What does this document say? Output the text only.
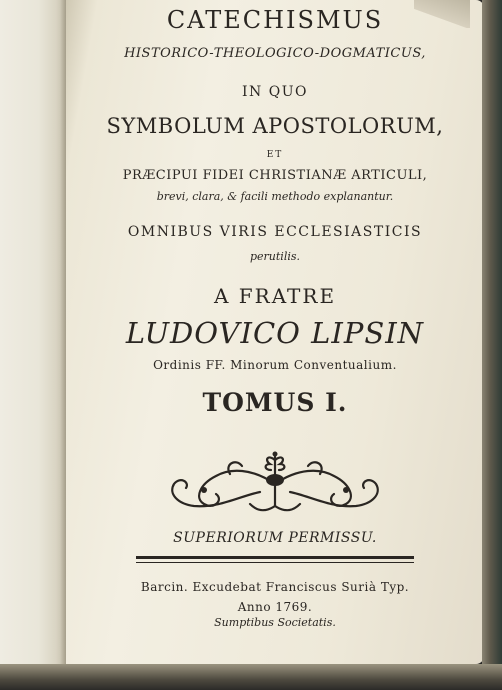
CATECHISMUS
HISTORICO-THEOLOGICO-DOGMATICUS,
IN QUO
SYMBOLUM APOSTOLORUM,
ET
PRÆCIPUI FIDEI CHRISTIANÆ ARTICULI,
brevi, clara, & facili methodo explanantur.
OMNIBUS VIRIS ECCLESIASTICIS
perutilis.
A FRATRE
LUDOVICO LIPSIN
Ordinis FF. Minorum Conventualium.
TOMUS I.
SUPERIORUM PERMISSU.
Barcin. Excudebat Franciscus Surià Typ.
Anno 1769.
Sumptibus Societatis.
